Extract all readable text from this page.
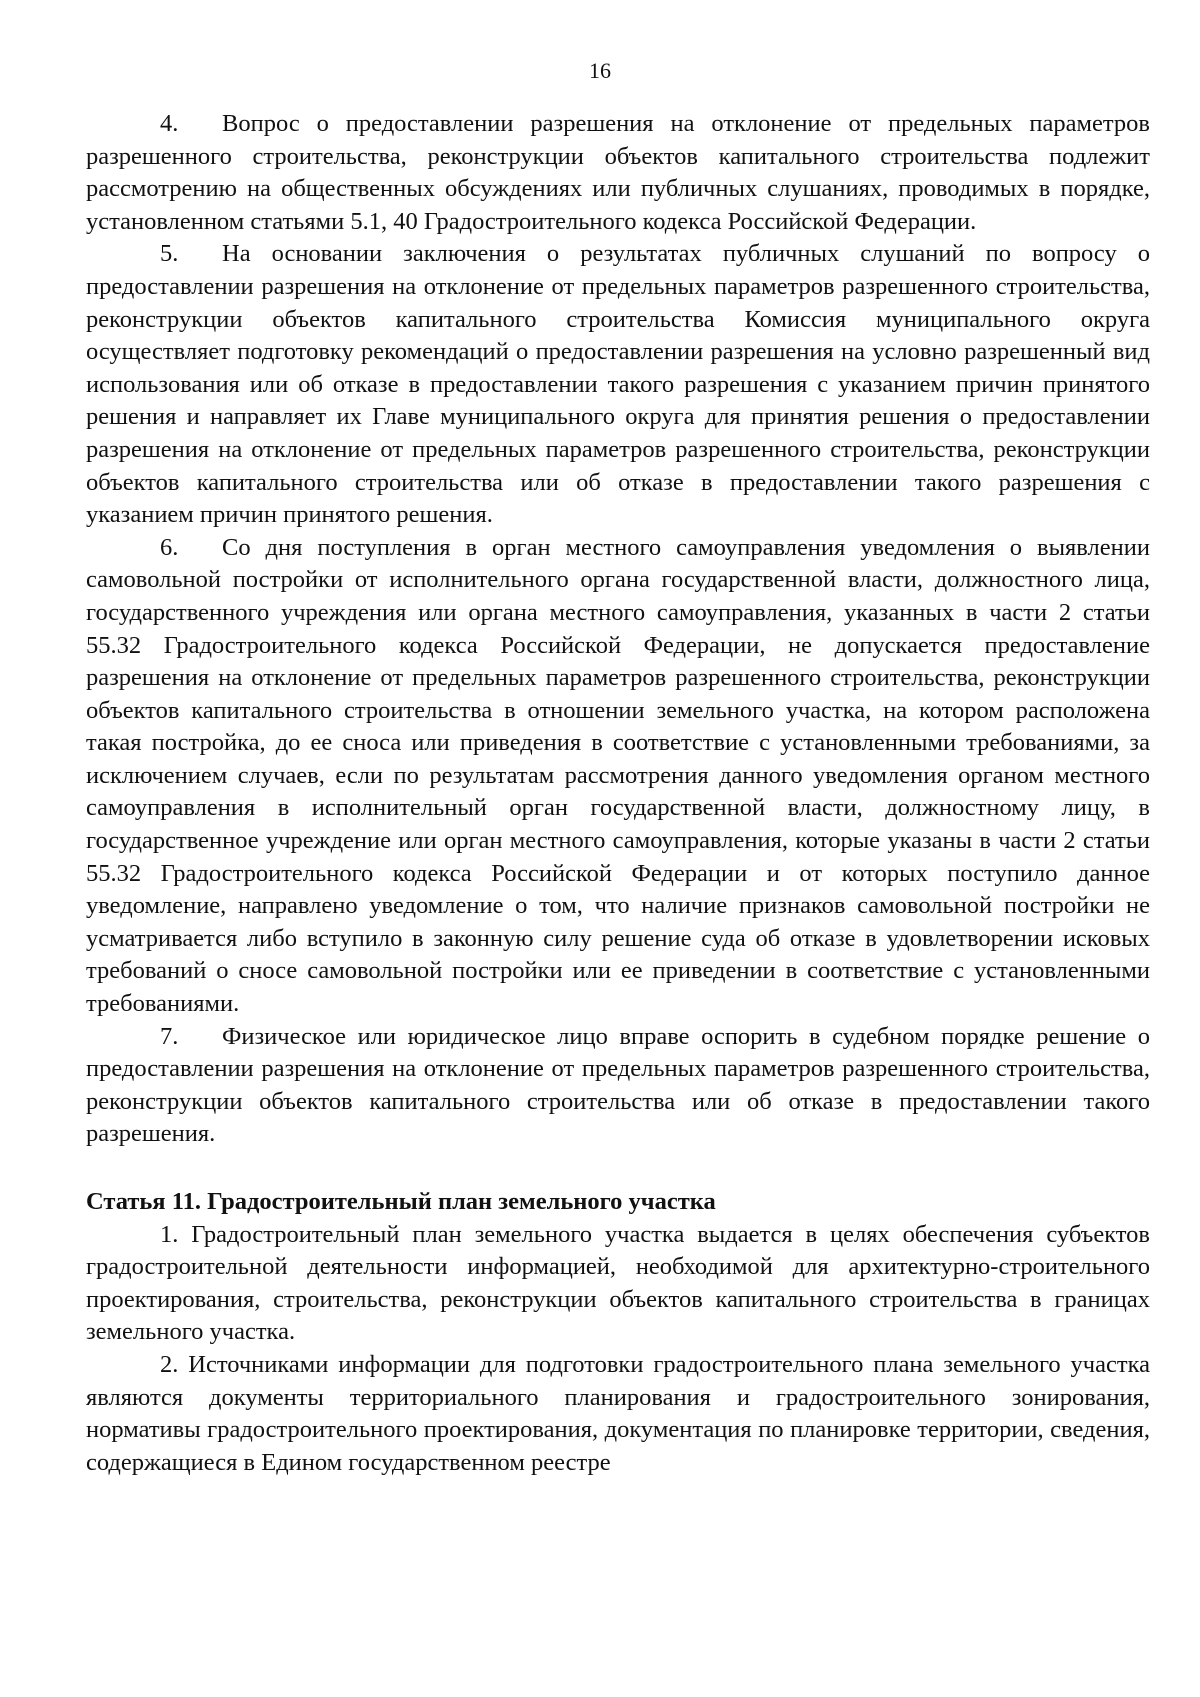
16

4. Вопрос о предоставлении разрешения на отклонение от предельных параметров разрешенного строительства, реконструкции объектов капитального строительства подлежит рассмотрению на общественных обсуждениях или публичных слушаниях, проводимых в порядке, установленном статьями 5.1, 40 Градостроительного кодекса Российской Федерации.

5. На основании заключения о результатах публичных слушаний по вопросу о предоставлении разрешения на отклонение от предельных параметров разрешенного строительства, реконструкции объектов капитального строительства Комиссия муниципального округа осуществляет подготовку рекомендаций о предоставлении разрешения на условно разрешенный вид использования или об отказе в предоставлении такого разрешения с указанием причин принятого решения и направляет их Главе муниципального округа для принятия решения о предоставлении разрешения на отклонение от предельных параметров разрешенного строительства, реконструкции объектов капитального строительства или об отказе в предоставлении такого разрешения с указанием причин принятого решения.

6. Со дня поступления в орган местного самоуправления уведомления о выявлении самовольной постройки от исполнительного органа государственной власти, должностного лица, государственного учреждения или органа местного самоуправления, указанных в части 2 статьи 55.32 Градостроительного кодекса Российской Федерации, не допускается предоставление разрешения на отклонение от предельных параметров разрешенного строительства, реконструкции объектов капитального строительства в отношении земельного участка, на котором расположена такая постройка, до ее сноса или приведения в соответствие с установленными требованиями, за исключением случаев, если по результатам рассмотрения данного уведомления органом местного самоуправления в исполнительный орган государственной власти, должностному лицу, в государственное учреждение или орган местного самоуправления, которые указаны в части 2 статьи 55.32 Градостроительного кодекса Российской Федерации и от которых поступило данное уведомление, направлено уведомление о том, что наличие признаков самовольной постройки не усматривается либо вступило в законную силу решение суда об отказе в удовлетворении исковых требований о сносе самовольной постройки или ее приведении в соответствие с установленными требованиями.

7. Физическое или юридическое лицо вправе оспорить в судебном порядке решение о предоставлении разрешения на отклонение от предельных параметров разрешенного строительства, реконструкции объектов капитального строительства или об отказе в предоставлении такого разрешения.

Статья 11. Градостроительный план земельного участка

1. Градостроительный план земельного участка выдается в целях обеспечения субъектов градостроительной деятельности информацией, необходимой для архитектурно-строительного проектирования, строительства, реконструкции объектов капитального строительства в границах земельного участка.

2. Источниками информации для подготовки градостроительного плана земельного участка являются документы территориального планирования и градостроительного зонирования, нормативы градостроительного проектирования, документация по планировке территории, сведения, содержащиеся в Едином государственном реестре
